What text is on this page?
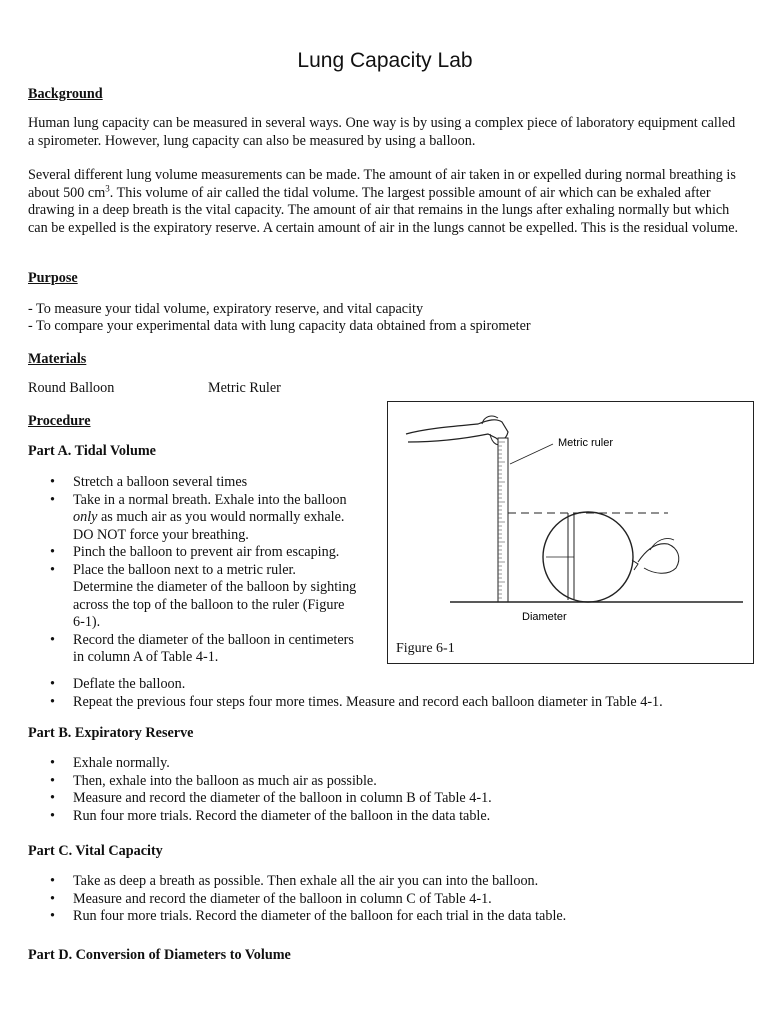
Lung Capacity Lab
Background

Human lung capacity can be measured in several ways. One way is by using a complex piece of laboratory equipment called a spirometer. However, lung capacity can also be measured by using a balloon.

Several different lung volume measurements can be made. The amount of air taken in or expelled during normal breathing is about 500 $cm^3$. This volume of air called the tidal volume. The largest possible amount of air which can be exhaled after drawing in a deep breath is the vital capacity. The amount of air that remains in the lungs after exhaling normally but which can be expelled is the expiratory reserve. A certain amount of air in the lungs cannot be expelled. This is the residual volume.

Purpose

- To measure your tidal volume, expiratory reserve, and vital capacity

- To compare your experimental data with lung capacity data obtained from a spirometer

Materials

Round Balloon	Metric Ruler

Procedure
Part A. Tidal Volume
• Stretch a balloon several times
• Take in a normal breath. Exhale into the balloon
only as much air as you would normally exhale.
DO NOT force your breathing.
• Pinch the balloon to prevent air from escaping.
• Place the balloon next to a metric ruler.
Determine the diameter of the balloon by sighting
across the top of the balloon to the ruler (Figure
6-1).
• Record the diameter of the balloon in centimeters
in column A of Table 4-1.
• Deflate the balloon.
• Repeat the previous four steps four more times. Measure and record each balloon diameter in Table 4-1.
Part B. Expiratory Reserve
• Exhale normally.
• Then, exhale into the balloon as much air as possible.
• Measure and record the diameter of the balloon in column B of Table 4-1.
• Run four more trials. Record the diameter of the balloon in the data table.
Part C. Vital Capacity
• Take as deep a breath as possible. Then exhale all the air you can into the balloon.
• Measure and record the diameter of the balloon in column C of Table 4-1.
• Run four more trials. Record the diameter of the balloon for each trial in the data table.
Part D. Conversion of Diameters to Volume
Metric ruler
Diameter
Figure 6-1
